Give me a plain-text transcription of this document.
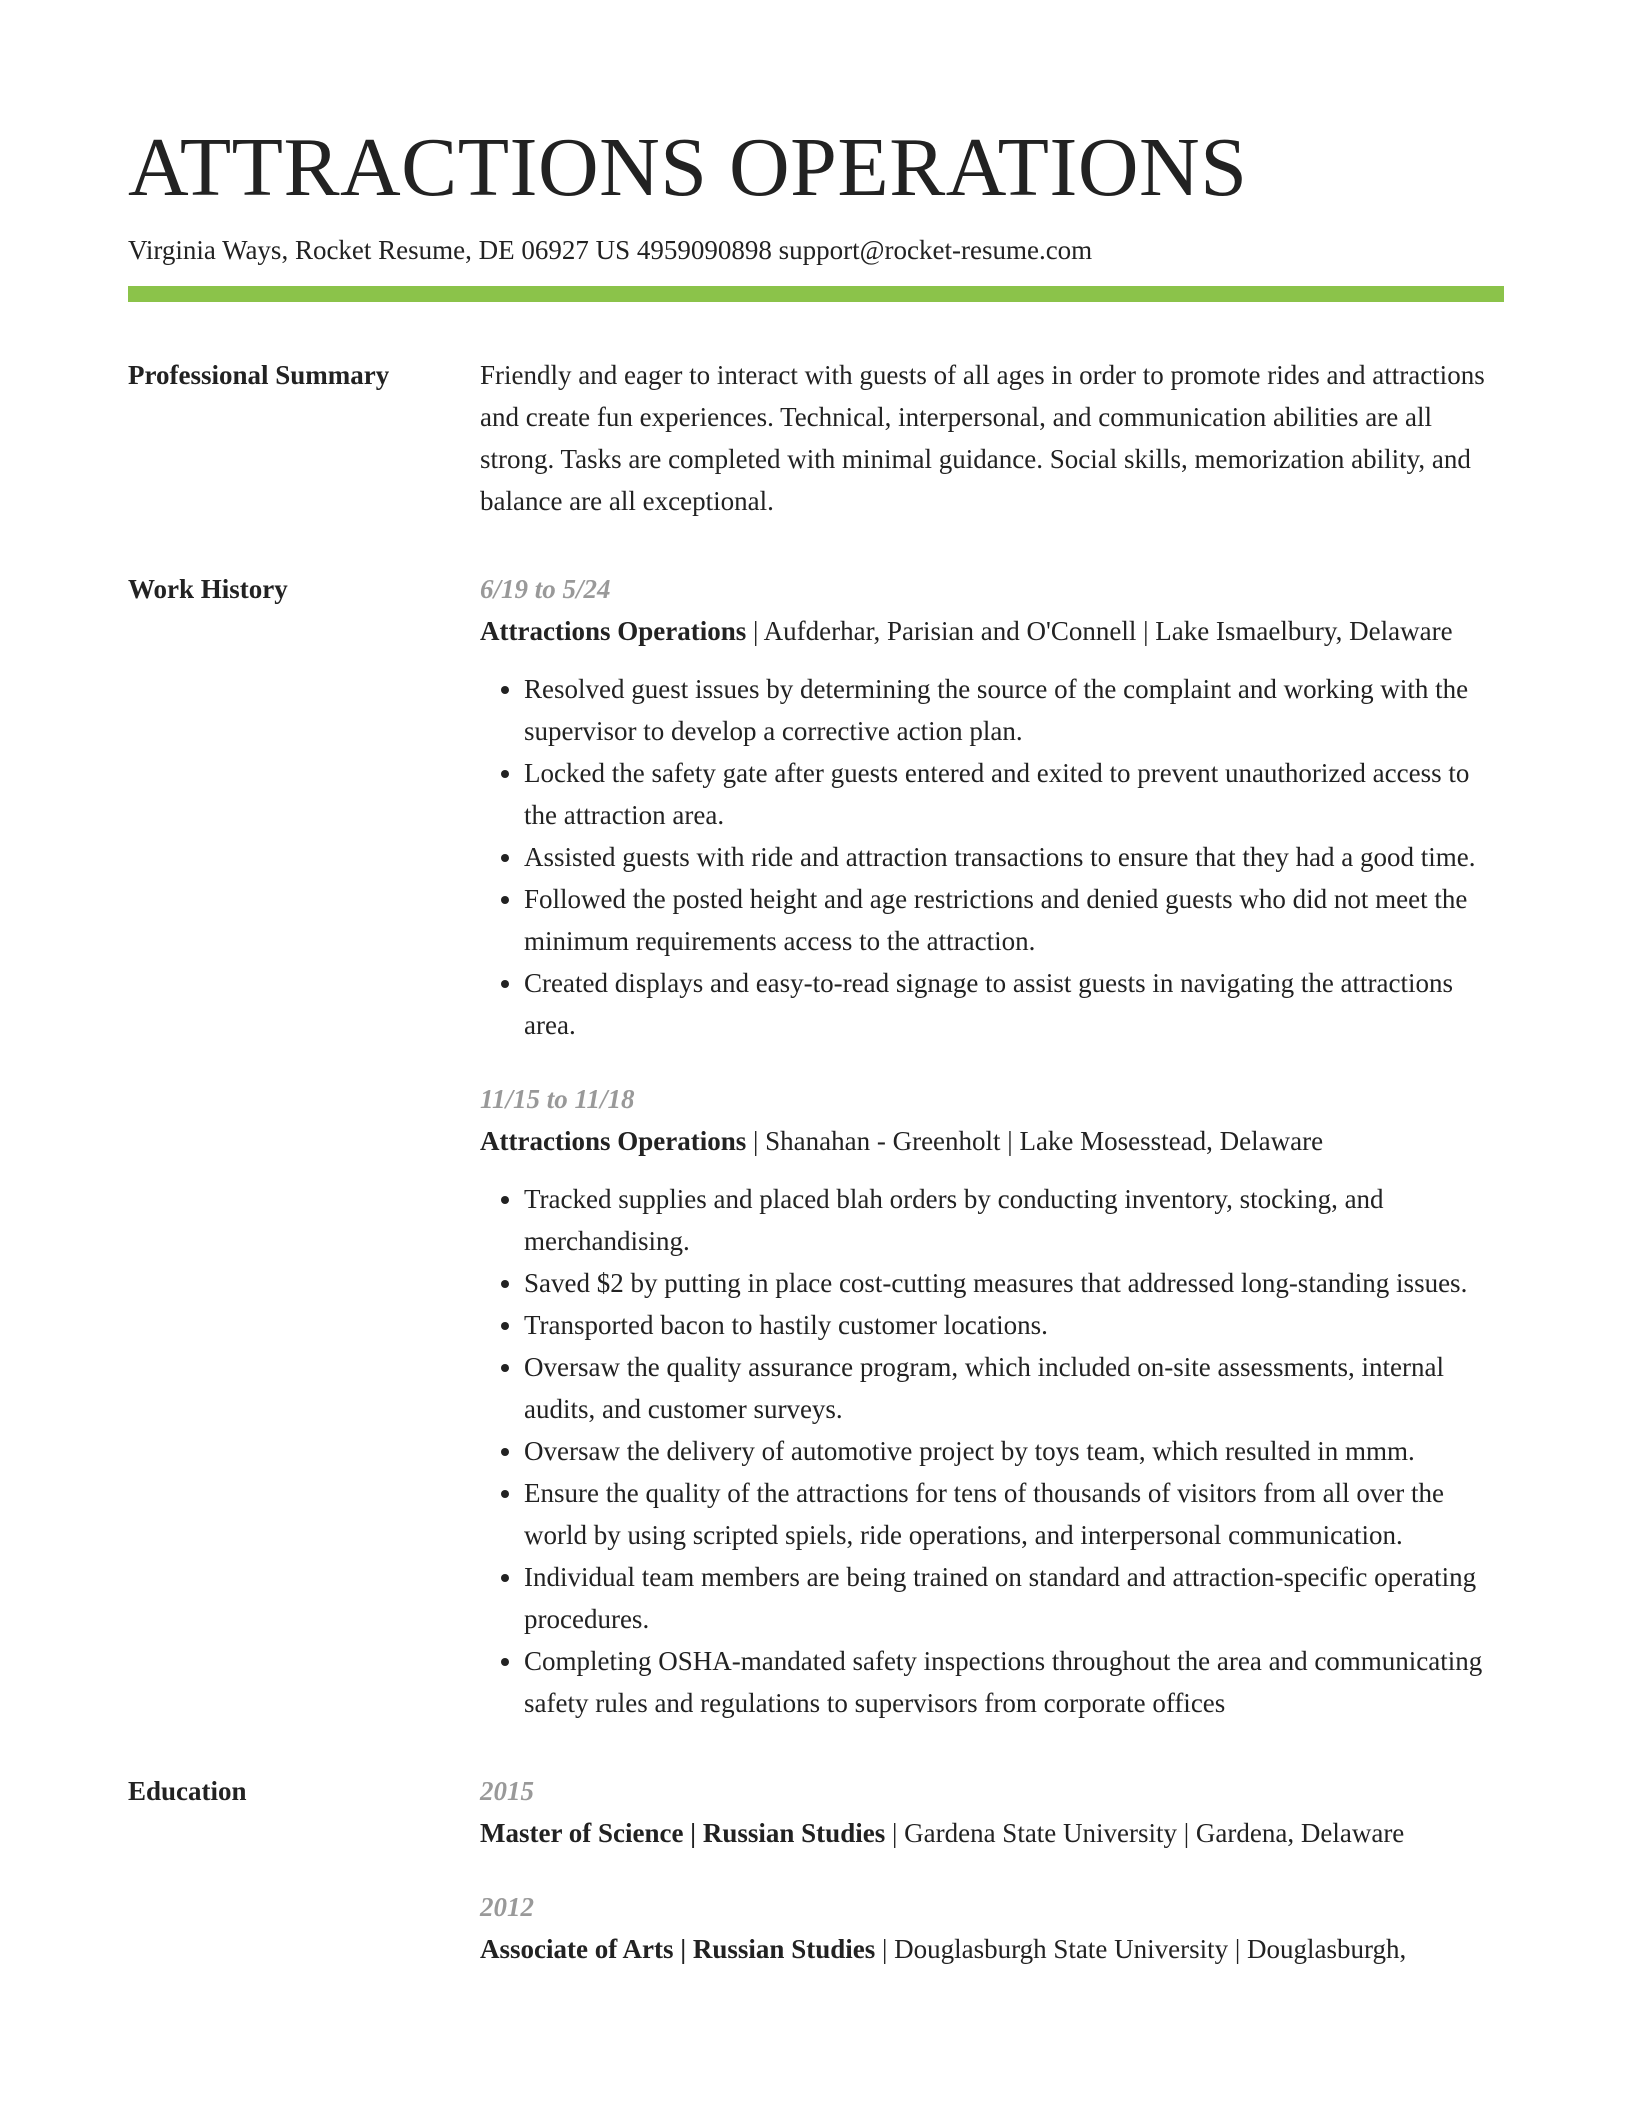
ATTRACTIONS OPERATIONS
Virginia Ways, Rocket Resume, DE 06927 US 4959090898 support@rocket-resume.com
Professional Summary	Friendly and eager to interact with guests of all ages in order to promote rides and attractions and create fun experiences. Technical, interpersonal, and communication abilities are all strong. Tasks are completed with minimal guidance. Social skills, memorization ability, and balance are all exceptional.

Work History	6/19 to 5/24
Attractions Operations | Aufderhar, Parisian and O'Connell | Lake Ismaelbury, Delaware
• Resolved guest issues by determining the source of the complaint and working with the supervisor to develop a corrective action plan.
• Locked the safety gate after guests entered and exited to prevent unauthorized access to the attraction area.
• Assisted guests with ride and attraction transactions to ensure that they had a good time.
• Followed the posted height and age restrictions and denied guests who did not meet the minimum requirements access to the attraction.
• Created displays and easy-to-read signage to assist guests in navigating the attractions area.
11/15 to 11/18
Attractions Operations | Shanahan - Greenholt | Lake Mosesstead, Delaware
• Tracked supplies and placed blah orders by conducting inventory, stocking, and merchandising.
• Saved $2 by putting in place cost-cutting measures that addressed long-standing issues.
• Transported bacon to hastily customer locations.
• Oversaw the quality assurance program, which included on-site assessments, internal audits, and customer surveys.
• Oversaw the delivery of automotive project by toys team, which resulted in mmm.
• Ensure the quality of the attractions for tens of thousands of visitors from all over the world by using scripted spiels, ride operations, and interpersonal communication.
• Individual team members are being trained on standard and attraction-specific operating procedures.
• Completing OSHA-mandated safety inspections throughout the area and communicating safety rules and regulations to supervisors from corporate offices
Education	2015
Master of Science | Russian Studies | Gardena State University | Gardena, Delaware
2012
Associate of Arts | Russian Studies | Douglasburgh State University | Douglasburgh,
